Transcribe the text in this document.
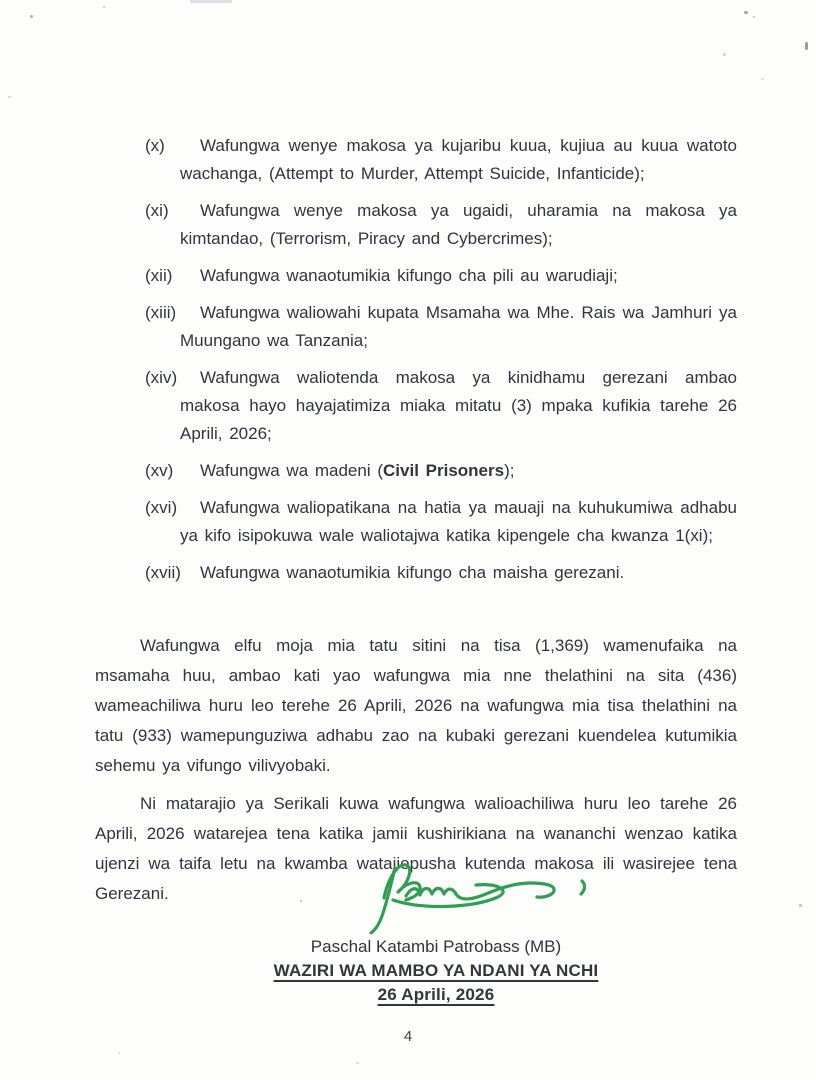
(x) Wafungwa wenye makosa ya kujaribu kuua, kujiua au kuua watoto wachanga, (Attempt to Murder, Attempt Suicide, Infanticide);
(xi) Wafungwa wenye makosa ya ugaidi, uharamia na makosa ya kimtandao, (Terrorism, Piracy and Cybercrimes);
(xii) Wafungwa wanaotumikia kifungo cha pili au warudiaji;
(xiii) Wafungwa waliowahi kupata Msamaha wa Mhe. Rais wa Jamhuri ya Muungano wa Tanzania;
(xiv) Wafungwa waliotenda makosa ya kinidhamu gerezani ambao makosa hayo hayajatimiza miaka mitatu (3) mpaka kufikia tarehe 26 Aprili, 2026;
(xv) Wafungwa wa madeni (Civil Prisoners);
(xvi) Wafungwa waliopatikana na hatia ya mauaji na kuhukumiwa adhabu ya kifo isipokuwa wale waliotajwa katika kipengele cha kwanza 1(xi);
(xvii) Wafungwa wanaotumikia kifungo cha maisha gerezani.

Wafungwa elfu moja mia tatu sitini na tisa (1,369) wamenufaika na msamaha huu, ambao kati yao wafungwa mia nne thelathini na sita (436) wameachiliwa huru leo terehe 26 Aprili, 2026 na wafungwa mia tisa thelathini na tatu (933) wamepunguziwa adhabu zao na kubaki gerezani kuendelea kutumikia sehemu ya vifungo vilivyobaki.

Ni matarajio ya Serikali kuwa wafungwa walioachiliwa huru leo tarehe 26 Aprili, 2026 watarejea tena katika jamii kushirikiana na wananchi wenzao katika ujenzi wa taifa letu na kwamba watajiepusha kutenda makosa ili wasirejee tena Gerezani.

Paschal Katambi Patrobass (MB)
WAZIRI WA MAMBO YA NDANI YA NCHI
26 Aprili, 2026
4
